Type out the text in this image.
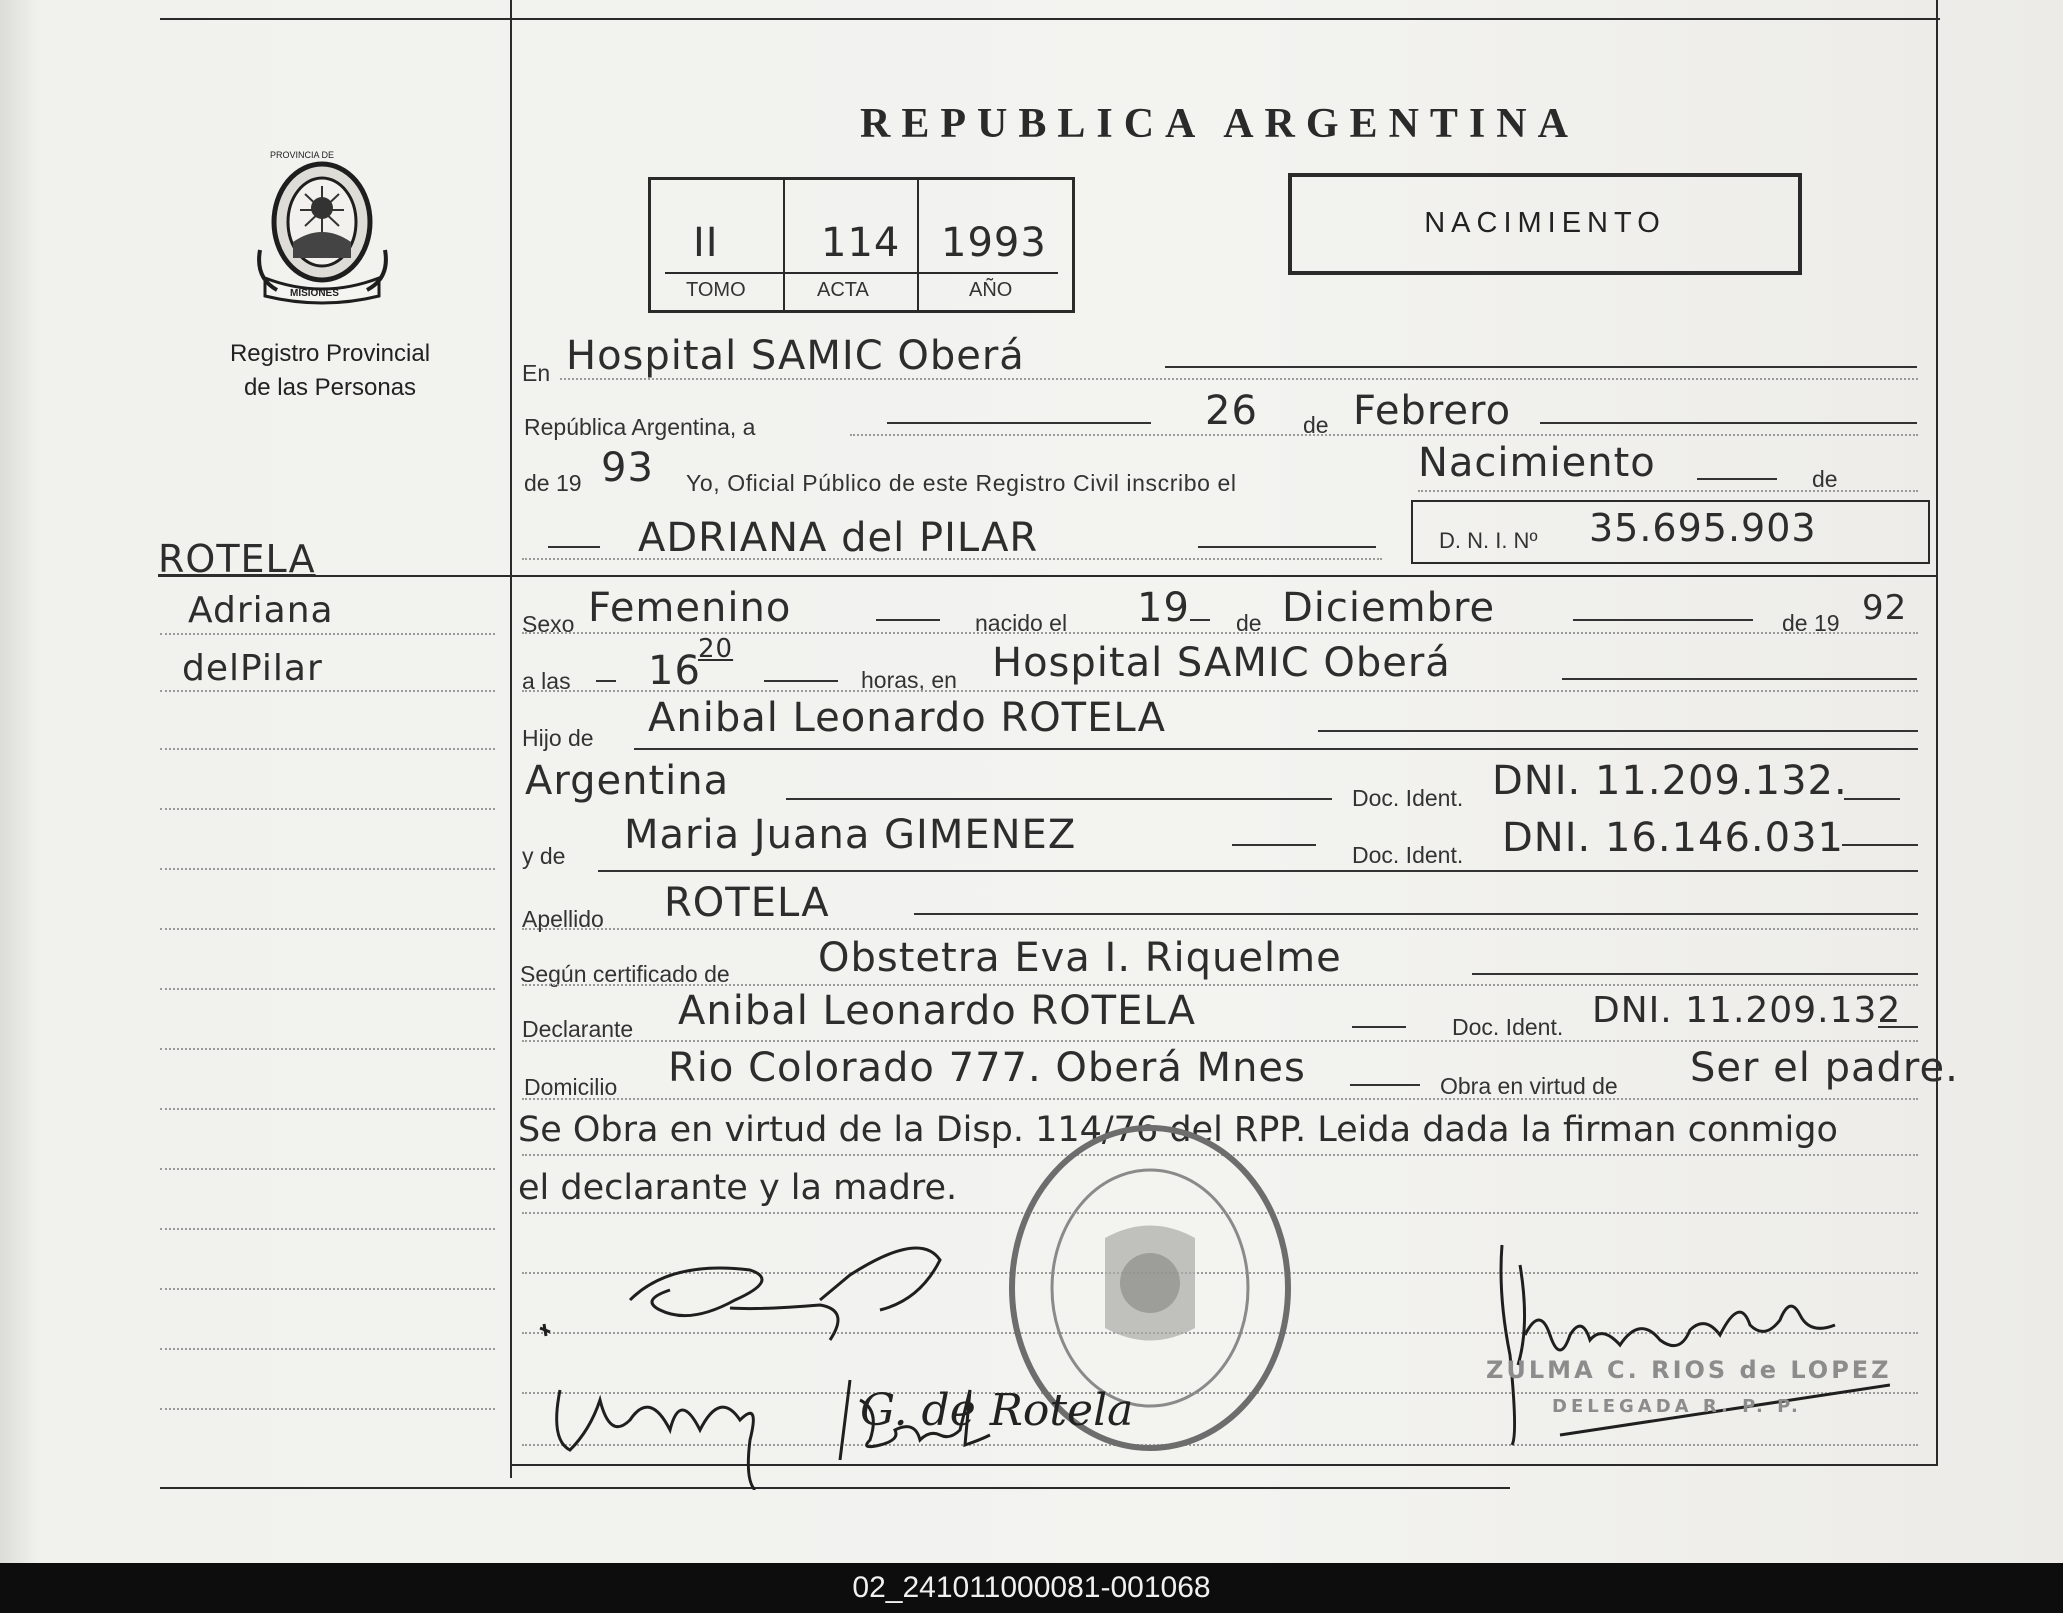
PROVINCIA DE
MISIONES
Registro Provincial
de las Personas
REPUBLICA ARGENTINA
II	114 1993
TOMO	ACTA	AÑO
NACIMIENTO
ROTELA
Adriana
delPilar
En Hospital SAMIC Oberá
República Argentina, a	26 de Febrero
de 19 93 Yo, Oficial Público de este Registro Civil inscribo el	Nacimiento	de
ADRIANA del PILAR	D. N. I. Nº 35.695.903
Sexo Femenino	nacido el 19 de Diciembre	de 19 92
a las 16
20
horas, en Hospital SAMIC Oberá
Hijo de Anibal Leonardo ROTELA
Argentina	Doc. Ident. DNI. 11.209.132.
y de Maria Juana GIMENEZ	Doc. Ident. DNI. 16.146.031
Apellido ROTELA
Según certificado de Obstetra Eva I. Riquelme
Declarante Anibal Leonardo ROTELA	Doc. Ident. DNI. 11.209.132
Domicilio Rio Colorado 777. Oberá Mnes	Obra en virtud de Ser el padre.
Se Obra en virtud de la Disp. 114/76 del RPP. Leida dada la firman conmigo
el declarante y la madre.
G. de Rotela
ZULMA C. RIOS de LOPEZ
DELEGADA R. P. P.
02_241011000081-001068
